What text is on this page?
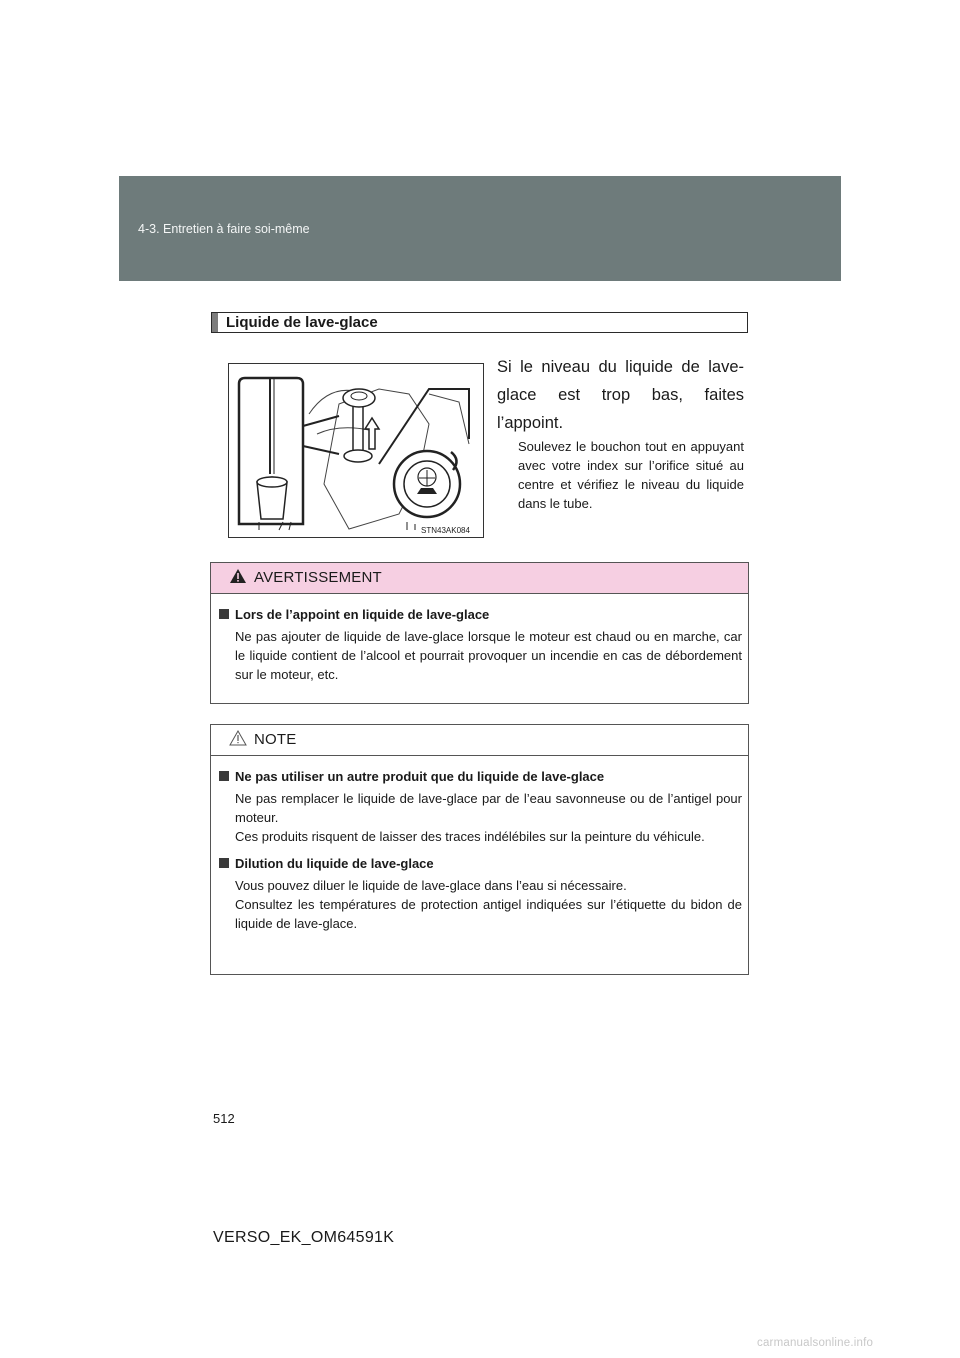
4-3. Entretien à faire soi-même
Liquide de lave-glace
STN43AK084
Si le niveau du liquide de lave-glace est trop bas, faites l’appoint.
Soulevez le bouchon tout en appuyant avec votre index sur l’orifice situé au centre et vérifiez le niveau du liquide dans le tube.
AVERTISSEMENT
Lors de l’appoint en liquide de lave-glace
Ne pas ajouter de liquide de lave-glace lorsque le moteur est chaud ou en marche, car le liquide contient de l’alcool et pourrait provoquer un incendie en cas de débordement sur le moteur, etc.
NOTE
Ne pas utiliser un autre produit que du liquide de lave-glace
Ne pas remplacer le liquide de lave-glace par de l’eau savonneuse ou de l’antigel pour moteur.
Ces produits risquent de laisser des traces indélébiles sur la peinture du véhicule.
Dilution du liquide de lave-glace
Vous pouvez diluer le liquide de lave-glace dans l’eau si nécessaire.
Consultez les températures de protection antigel indiquées sur l’étiquette du bidon de liquide de lave-glace.
512
VERSO_EK_OM64591K
carmanualsonline.info
